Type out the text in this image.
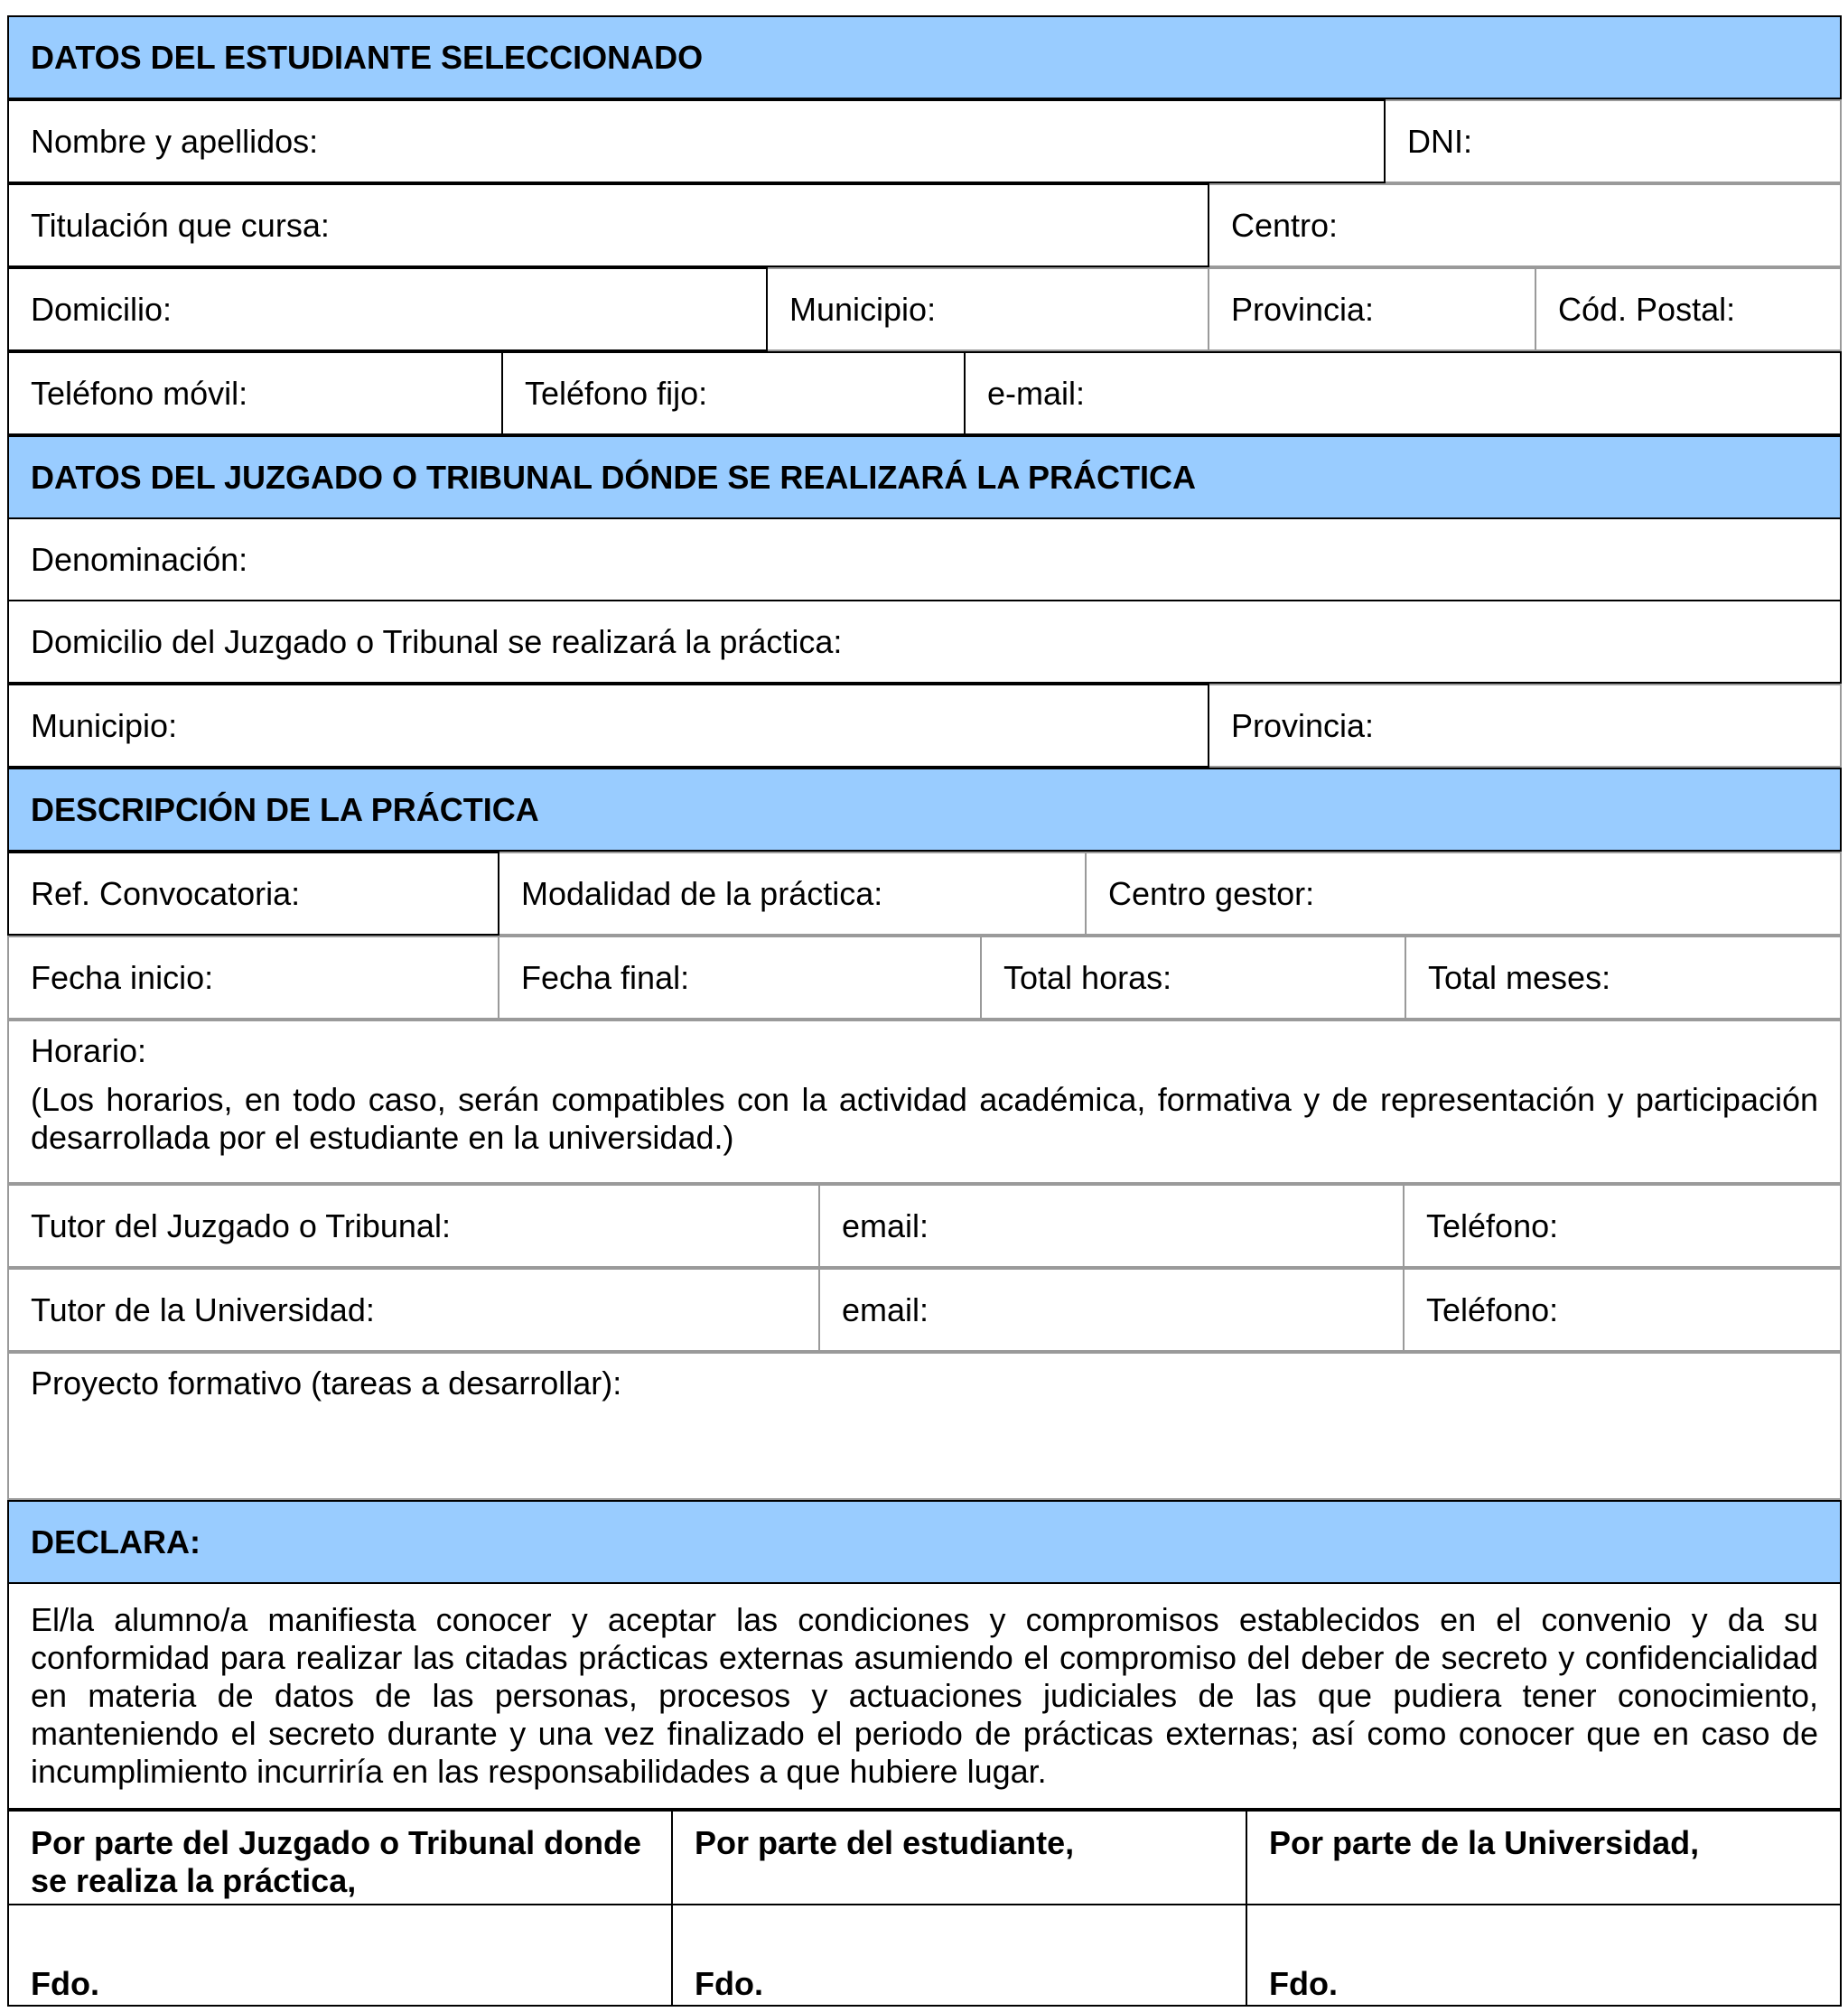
DATOS DEL ESTUDIANTE SELECCIONADO
Nombre y apellidos:	DNI:
Titulación que cursa:	Centro:
Domicilio:	Municipio:	Provincia:	Cód. Postal:
Teléfono móvil:	Teléfono fijo:	e-mail:
DATOS DEL JUZGADO O TRIBUNAL DÓNDE SE REALIZARÁ LA PRÁCTICA
Denominación:
Domicilio del Juzgado o Tribunal se realizará la práctica:
Municipio:	Provincia:
DESCRIPCIÓN DE LA PRÁCTICA
Ref. Convocatoria:	Modalidad de la práctica:	Centro gestor:
Fecha inicio:	Fecha final:	Total horas:	Total meses:
Horario:
(Los horarios, en todo caso, serán compatibles con la actividad académica, formativa y de representación y participación desarrollada por el estudiante en la universidad.)
Tutor del Juzgado o Tribunal:	email:	Teléfono:
Tutor de la Universidad:	email:	Teléfono:
Proyecto formativo (tareas a desarrollar):
DECLARA:
El/la alumno/a manifiesta conocer y aceptar las condiciones y compromisos establecidos en el convenio y da su conformidad para realizar las citadas prácticas externas asumiendo el compromiso del deber de secreto y confidencialidad en materia de datos de las personas, procesos y actuaciones judiciales de las que pudiera tener conocimiento, manteniendo el secreto durante y una vez finalizado el periodo de prácticas externas; así como conocer que en caso de incumplimiento incurriría en las responsabilidades a que hubiere lugar.
Por parte del Juzgado o Tribunal donde se realiza la práctica,	Por parte del estudiante,	Por parte de la Universidad,
Fdo.	Fdo.	Fdo.
